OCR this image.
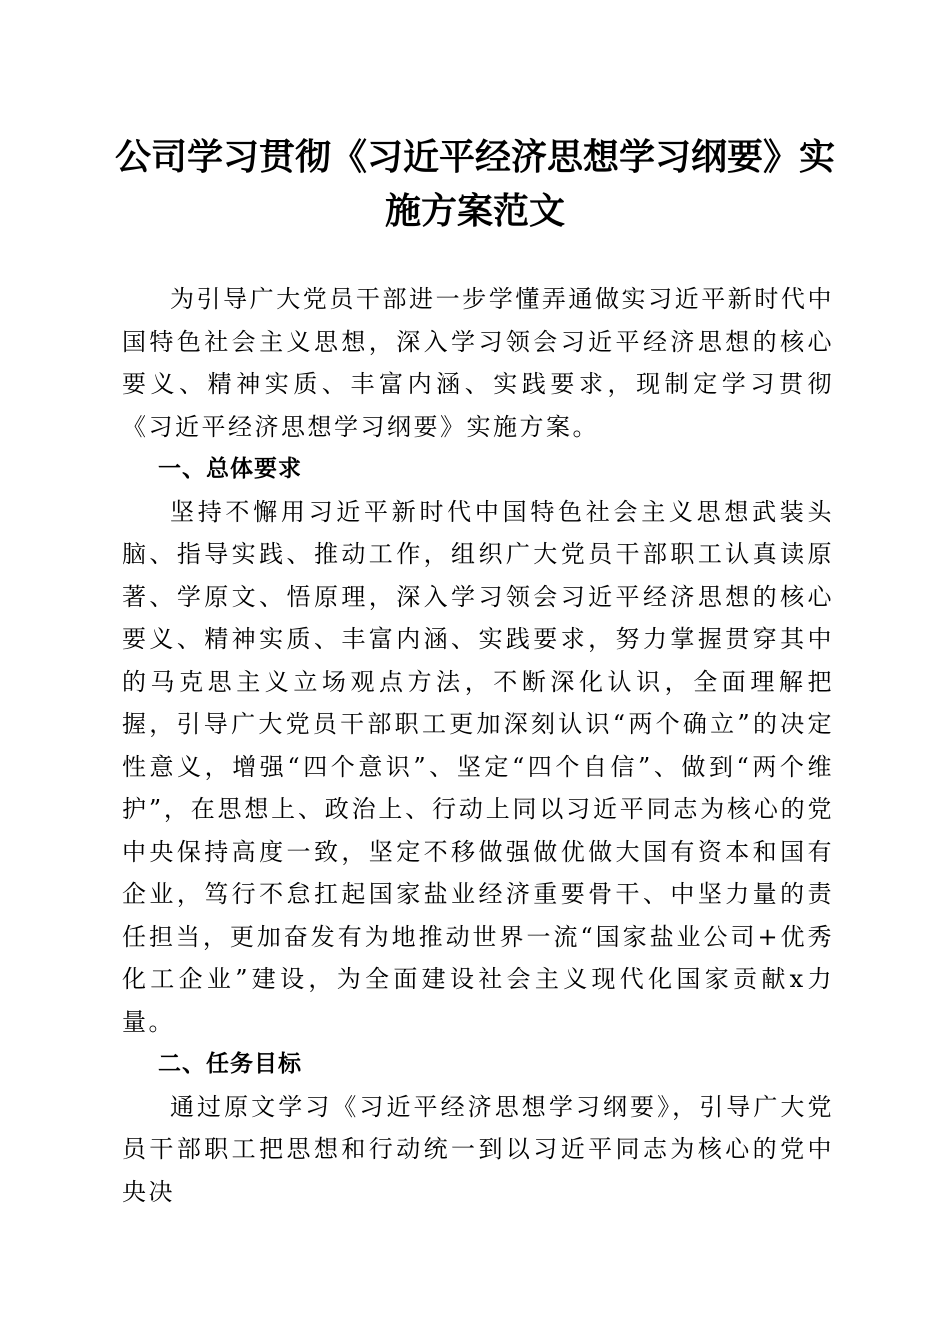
公司学习贯彻《习近平经济思想学习纲要》实
施方案范文

为引导广大党员干部进一步学懂弄通做实习近平新时代中国特色社会主义思想，深入学习领会习近平经济思想的核心要义、精神实质、丰富内涵、实践要求，现制定学习贯彻《习近平经济思想学习纲要》实施方案。

一、总体要求

坚持不懈用习近平新时代中国特色社会主义思想武装头脑、指导实践、推动工作，组织广大党员干部职工认真读原著、学原文、悟原理，深入学习领会习近平经济思想的核心要义、精神实质、丰富内涵、实践要求，努力掌握贯穿其中的马克思主义立场观点方法，不断深化认识，全面理解把握，引导广大党员干部职工更加深刻认识“两个确立”的决定性意义，增强“四个意识”、坚定“四个自信”、做到“两个维护”，在思想上、政治上、行动上同以习近平同志为核心的党中央保持高度一致，坚定不移做强做优做大国有资本和国有企业，笃行不怠扛起国家盐业经济重要骨干、中坚力量的责任担当，更加奋发有为地推动世界一流“国家盐业公司+优秀化工企业”建设，为全面建设社会主义现代化国家贡献x力量。

二、任务目标

通过原文学习《习近平经济思想学习纲要》，引导广大党员干部职工把思想和行动统一到以习近平同志为核心的党中央决
